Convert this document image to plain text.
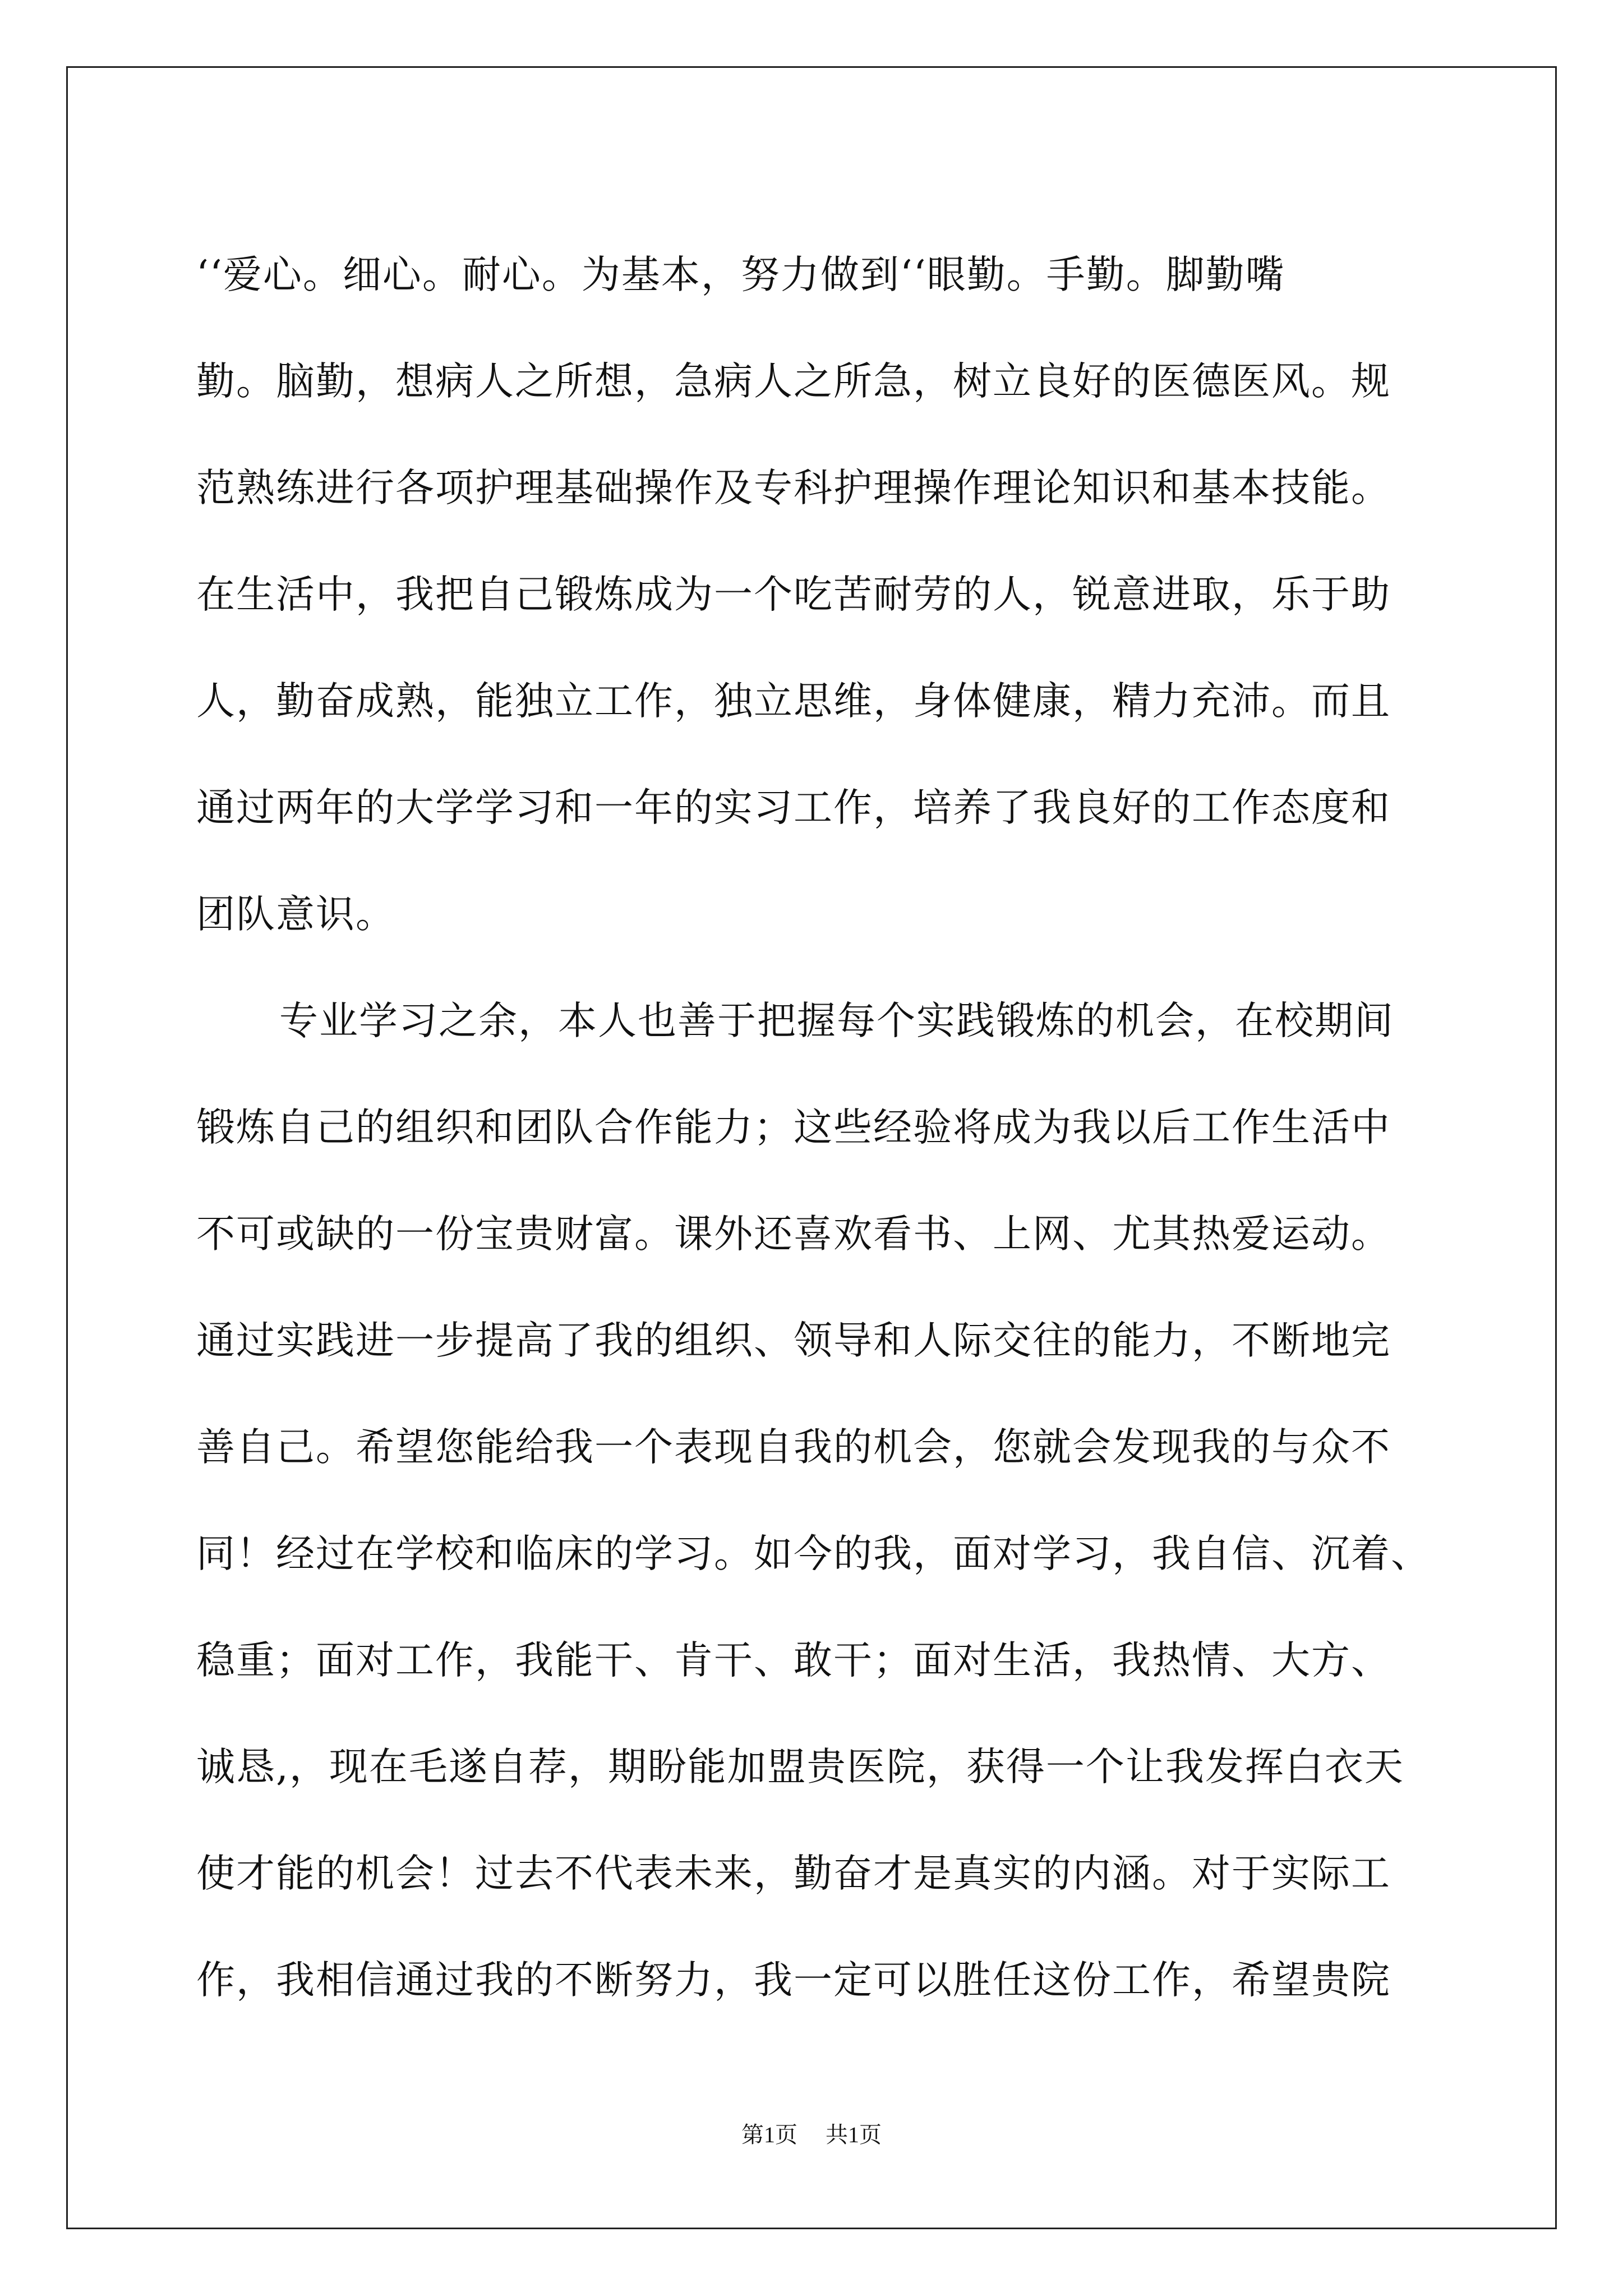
‘‘爱心。细心。耐心。为基本，努力做到‘‘眼勤。手勤。脚勤嘴
勤。脑勤，想病人之所想，急病人之所急，树立良好的医德医风。规
范熟练进行各项护理基础操作及专科护理操作理论知识和基本技能。
在生活中，我把自己锻炼成为一个吃苦耐劳的人，锐意进取，乐于助
人，勤奋成熟，能独立工作，独立思维，身体健康，精力充沛。而且
通过两年的大学学习和一年的实习工作，培养了我良好的工作态度和
团队意识。
专业学习之余，本人也善于把握每个实践锻炼的机会，在校期间
锻炼自己的组织和团队合作能力；这些经验将成为我以后工作生活中
不可或缺的一份宝贵财富。课外还喜欢看书、上网、尤其热爱运动。
通过实践进一步提高了我的组织、领导和人际交往的能力，不断地完
善自己。希望您能给我一个表现自我的机会，您就会发现我的与众不
同！经过在学校和临床的学习。如今的我，面对学习，我自信、沉着、
稳重；面对工作，我能干、肯干、敢干；面对生活，我热情、大方、
诚恳,，现在毛遂自荐，期盼能加盟贵医院，获得一个让我发挥白衣天
使才能的机会！过去不代表未来，勤奋才是真实的内涵。对于实际工
作，我相信通过我的不断努力，我一定可以胜任这份工作，希望贵院
第1页 共1页
